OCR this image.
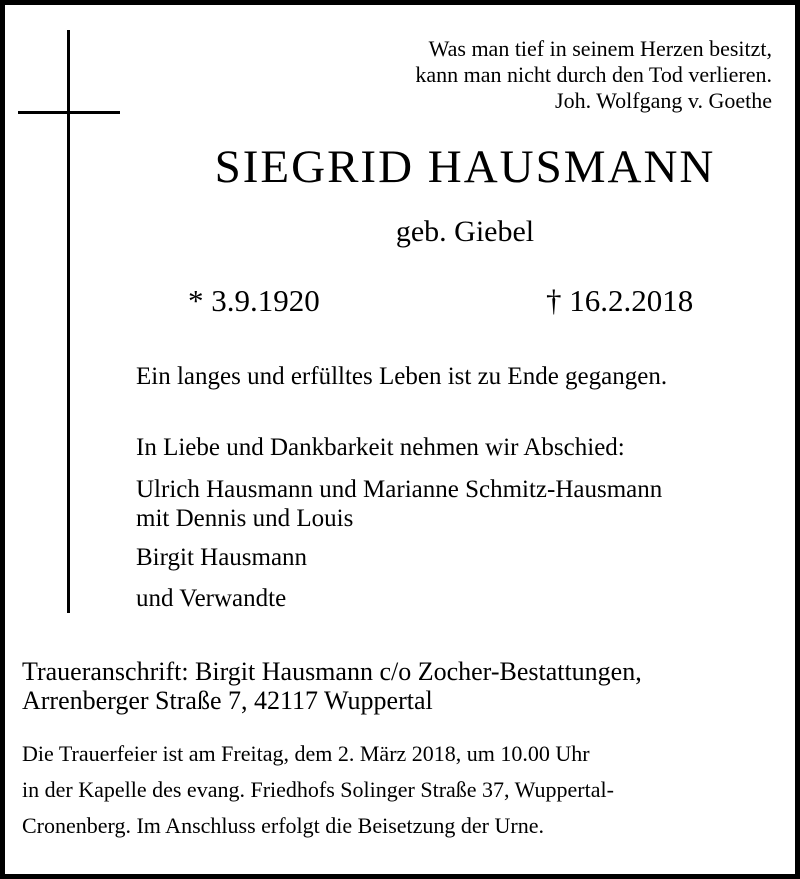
Was man tief in seinem Herzen besitzt,
kann man nicht durch den Tod verlieren.
Joh. Wolfgang v. Goethe
SIEGRID HAUSMANN
geb. Giebel
* 3.9.1920	† 16.2.2018
Ein langes und erfülltes Leben ist zu Ende gegangen.
In Liebe und Dankbarkeit nehmen wir Abschied:
Ulrich Hausmann und Marianne Schmitz-Hausmann
mit Dennis und Louis
Birgit Hausmann
und Verwandte
Traueranschrift: Birgit Hausmann c/o Zocher-Bestattungen,
Arrenberger Straße 7, 42117 Wuppertal
Die Trauerfeier ist am Freitag, dem 2. März 2018, um 10.00 Uhr
in der Kapelle des evang. Friedhofs Solinger Straße 37, Wuppertal-
Cronenberg. Im Anschluss erfolgt die Beisetzung der Urne.
